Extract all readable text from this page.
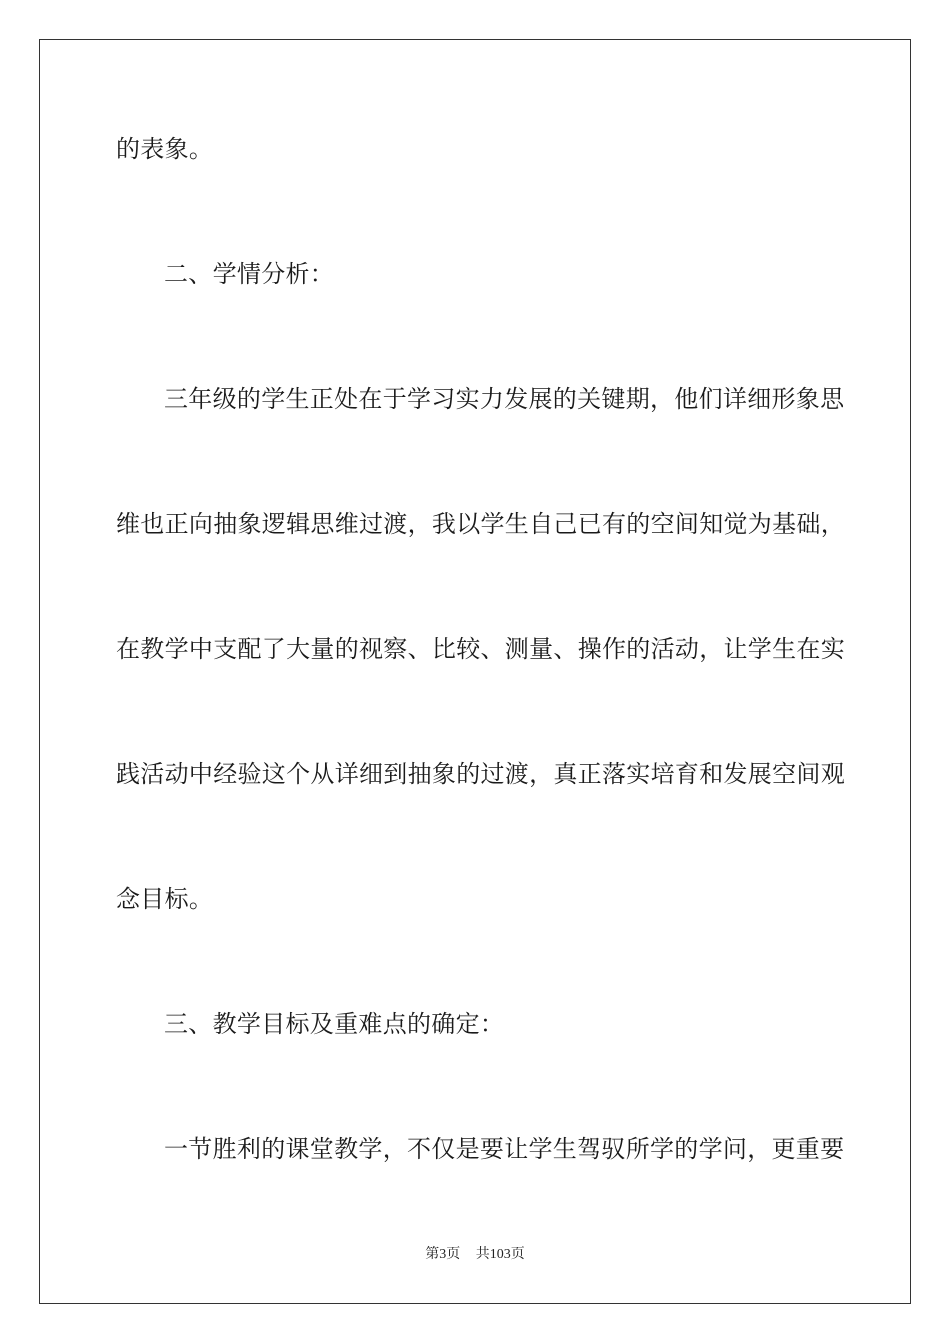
的表象。
二、学情分析：
三年级的学生正处在于学习实力发展的关键期，他们详细形象思
维也正向抽象逻辑思维过渡，我以学生自己已有的空间知觉为基础，
在教学中支配了大量的视察、比较、测量、操作的活动，让学生在实
践活动中经验这个从详细到抽象的过渡，真正落实培育和发展空间观
念目标。
三、教学目标及重难点的确定：
一节胜利的课堂教学，不仅是要让学生驾驭所学的学问，更重要
第3页 共103页
